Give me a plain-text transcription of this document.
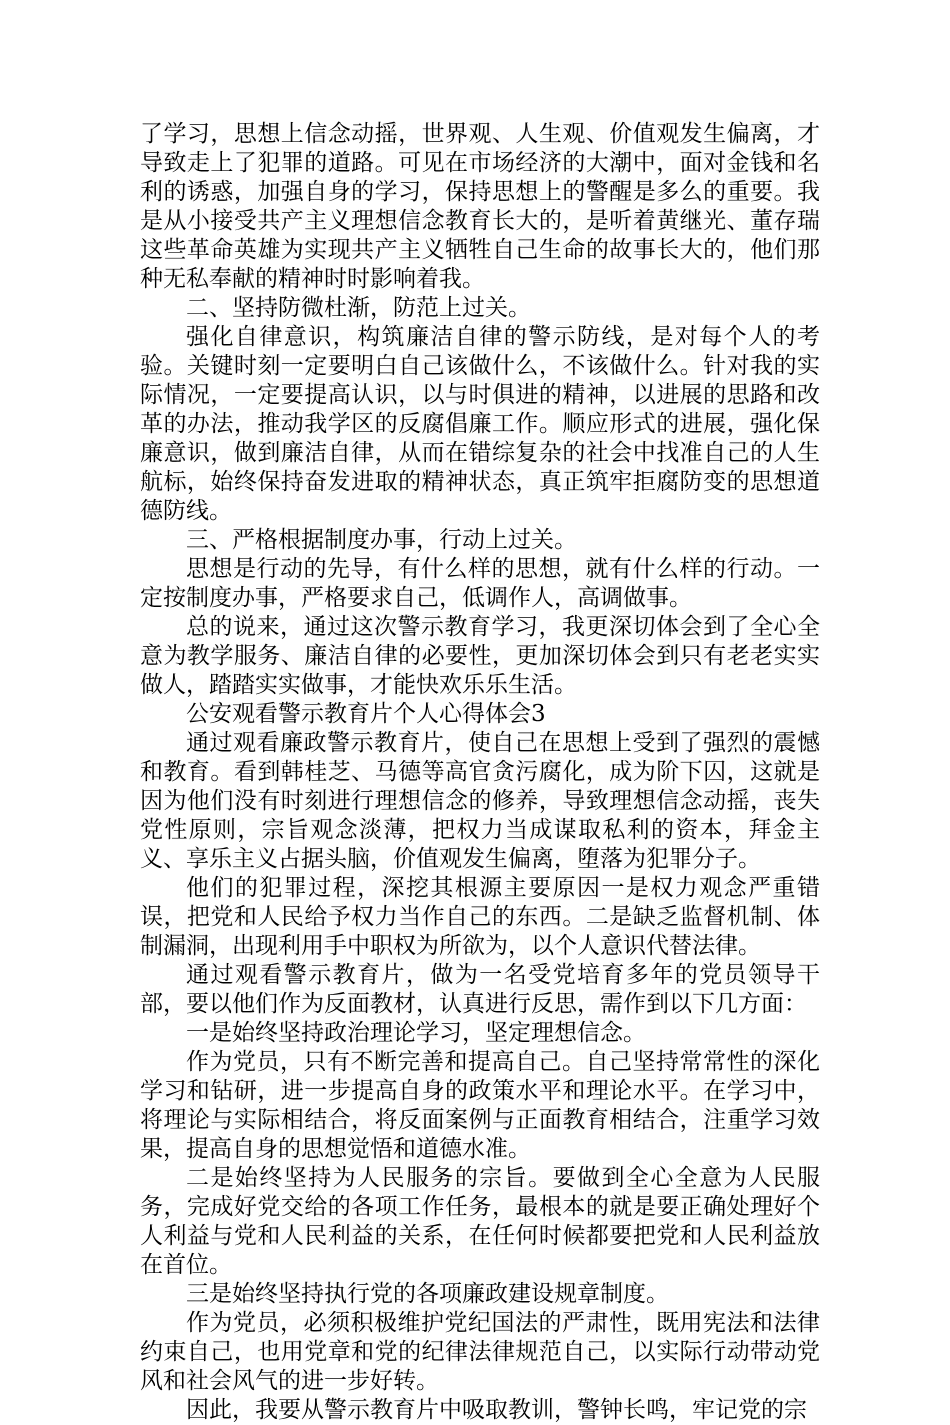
了学习，思想上信念动摇，世界观、人生观、价值观发生偏离，才导致走上了犯罪的道路。可见在市场经济的大潮中，面对金钱和名利的诱惑，加强自身的学习，保持思想上的警醒是多么的重要。我是从小接受共产主义理想信念教育长大的，是听着黄继光、董存瑞这些革命英雄为实现共产主义牺牲自己生命的故事长大的，他们那种无私奉献的精神时时影响着我。

二、坚持防微杜渐，防范上过关。

强化自律意识，构筑廉洁自律的警示防线，是对每个人的考验。关键时刻一定要明白自己该做什么，不该做什么。针对我的实际情况，一定要提高认识，以与时俱进的精神，以进展的思路和改革的办法，推动我学区的反腐倡廉工作。顺应形式的进展，强化保廉意识，做到廉洁自律，从而在错综复杂的社会中找准自己的人生航标，始终保持奋发进取的精神状态，真正筑牢拒腐防变的思想道德防线。

三、严格根据制度办事，行动上过关。

思想是行动的先导，有什么样的思想，就有什么样的行动。一定按制度办事，严格要求自己，低调作人，高调做事。

总的说来，通过这次警示教育学习，我更深切体会到了全心全意为教学服务、廉洁自律的必要性，更加深切体会到只有老老实实做人，踏踏实实做事，才能快欢乐乐生活。

公安观看警示教育片个人心得体会3

通过观看廉政警示教育片，使自己在思想上受到了强烈的震憾和教育。看到韩桂芝、马德等高官贪污腐化，成为阶下囚，这就是因为他们没有时刻进行理想信念的修养，导致理想信念动摇，丧失党性原则，宗旨观念淡薄，把权力当成谋取私利的资本，拜金主义、享乐主义占据头脑，价值观发生偏离，堕落为犯罪分子。

他们的犯罪过程，深挖其根源主要原因一是权力观念严重错误，把党和人民给予权力当作自己的东西。二是缺乏监督机制、体制漏洞，出现利用手中职权为所欲为，以个人意识代替法律。

通过观看警示教育片，做为一名受党培育多年的党员领导干部，要以他们作为反面教材，认真进行反思，需作到以下几方面：

一是始终坚持政治理论学习，坚定理想信念。

作为党员，只有不断完善和提高自己。自己坚持常常性的深化学习和钻研，进一步提高自身的政策水平和理论水平。在学习中，将理论与实际相结合，将反面案例与正面教育相结合，注重学习效果，提高自身的思想觉悟和道德水准。

二是始终坚持为人民服务的宗旨。要做到全心全意为人民服务，完成好党交给的各项工作任务，最根本的就是要正确处理好个人利益与党和人民利益的关系，在任何时候都要把党和人民利益放在首位。

三是始终坚持执行党的各项廉政建设规章制度。

作为党员，必须积极维护党纪国法的严肃性，既用宪法和法律约束自己，也用党章和党的纪律法律规范自己，以实际行动带动党风和社会风气的进一步好转。

因此，我要从警示教育片中吸取教训，警钟长鸣，牢记党的宗
